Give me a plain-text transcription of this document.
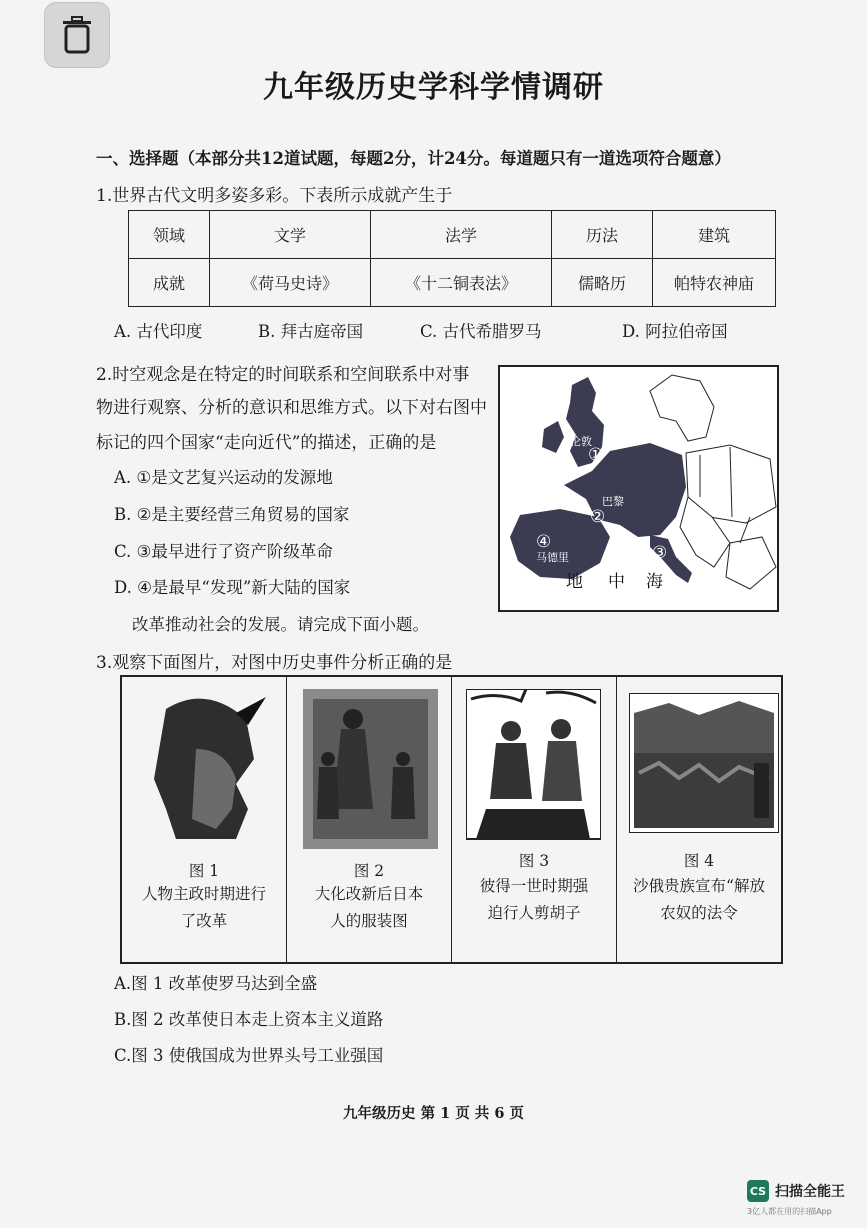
九年级历史学科学情调研
一、选择题（本部分共12道试题，每题2分，计24分。每道题只有一道选项符合题意）
1.世界古代文明多姿多彩。下表所示成就产生于
领域	文学	法学	历法	建筑
成就	《荷马史诗》	《十二铜表法》	儒略历	帕特农神庙
A. 古代印度	B. 拜古庭帝国	C. 古代希腊罗马	D. 阿拉伯帝国
2.时空观念是在特定的时间联系和空间联系中对事
物进行观察、分析的意识和思维方式。以下对右图中
标记的四个国家“走向近代”的描述，正确的是
A. ①是文艺复兴运动的发源地
B. ②是主要经营三角贸易的国家
C. ③最早进行了资产阶级革命
D. ④是最早“发现”新大陆的国家
改革推动社会的发展。请完成下面小题。
①
②
③
④
伦敦
巴黎
马德里
地 中 海
3.观察下面图片，对图中历史事件分析正确的是
图 1
人物主政时期进行
了改革
图 2
大化改新后日本
人的服装图
图 3
彼得一世时期强
迫行人剪胡子
图 4
沙俄贵族宣布“解放
农奴的法令
A.图 1 改革使罗马达到全盛
B.图 2 改革使日本走上资本主义道路
C.图 3 使俄国成为世界头号工业强国
九年级历史 第 1 页 共 6 页
CS 扫描全能王
3亿人都在用的扫描App
